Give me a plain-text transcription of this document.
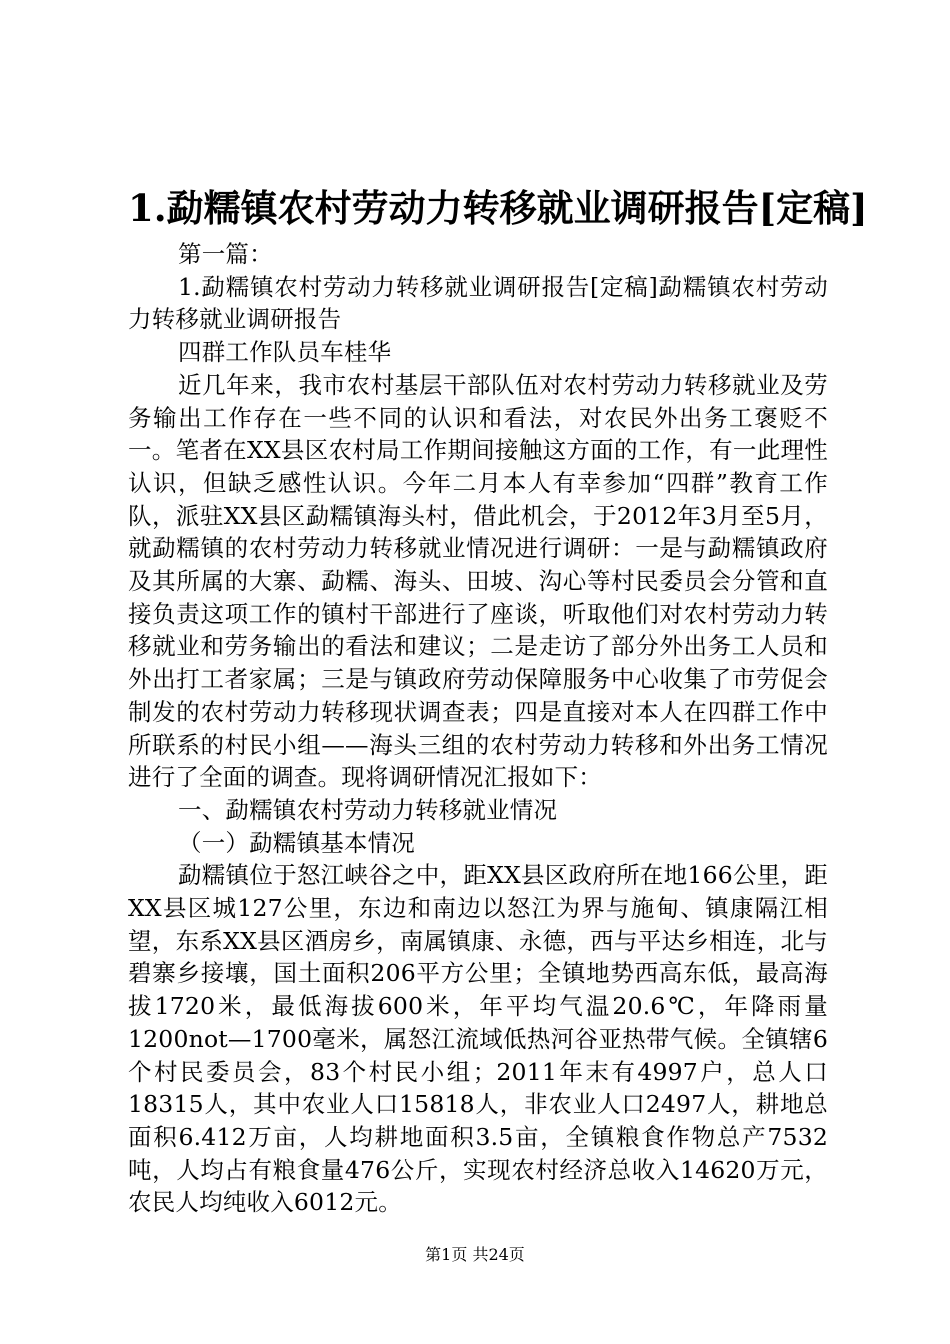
1.勐糯镇农村劳动力转移就业调研报告[定稿]

第一篇：

1.勐糯镇农村劳动力转移就业调研报告[定稿]勐糯镇农村劳动力转移就业调研报告

四群工作队员车桂华

近几年来，我市农村基层干部队伍对农村劳动力转移就业及劳务输出工作存在一些不同的认识和看法，对农民外出务工褒贬不一。笔者在XX县区农村局工作期间接触这方面的工作，有一此理性认识，但缺乏感性认识。今年二月本人有幸参加“四群”教育工作队，派驻XX县区勐糯镇海头村，借此机会，于2012年3月至5月，就勐糯镇的农村劳动力转移就业情况进行调研：一是与勐糯镇政府及其所属的大寨、勐糯、海头、田坡、沟心等村民委员会分管和直接负责这项工作的镇村干部进行了座谈，听取他们对农村劳动力转移就业和劳务输出的看法和建议；二是走访了部分外出务工人员和外出打工者家属；三是与镇政府劳动保障服务中心收集了市劳促会制发的农村劳动力转移现状调查表；四是直接对本人在四群工作中所联系的村民小组——海头三组的农村劳动力转移和外出务工情况进行了全面的调查。现将调研情况汇报如下：

一、勐糯镇农村劳动力转移就业情况

（一）勐糯镇基本情况

勐糯镇位于怒江峡谷之中，距XX县区政府所在地166公里，距XX县区城127公里，东边和南边以怒江为界与施甸、镇康隔江相望，东系XX县区酒房乡，南属镇康、永德，西与平达乡相连，北与碧寨乡接壤，国土面积206平方公里；全镇地势西高东低，最高海拔1720米，最低海拔600米，年平均气温20.6℃，年降雨量1200not—1700毫米，属怒江流域低热河谷亚热带气候。全镇辖6个村民委员会，83个村民小组；2011年末有4997户，总人口18315人，其中农业人口15818人，非农业人口2497人，耕地总面积6.412万亩，人均耕地面积3.5亩，全镇粮食作物总产7532吨，人均占有粮食量476公斤，实现农村经济总收入14620万元，农民人均纯收入6012元。

第1页 共24页
